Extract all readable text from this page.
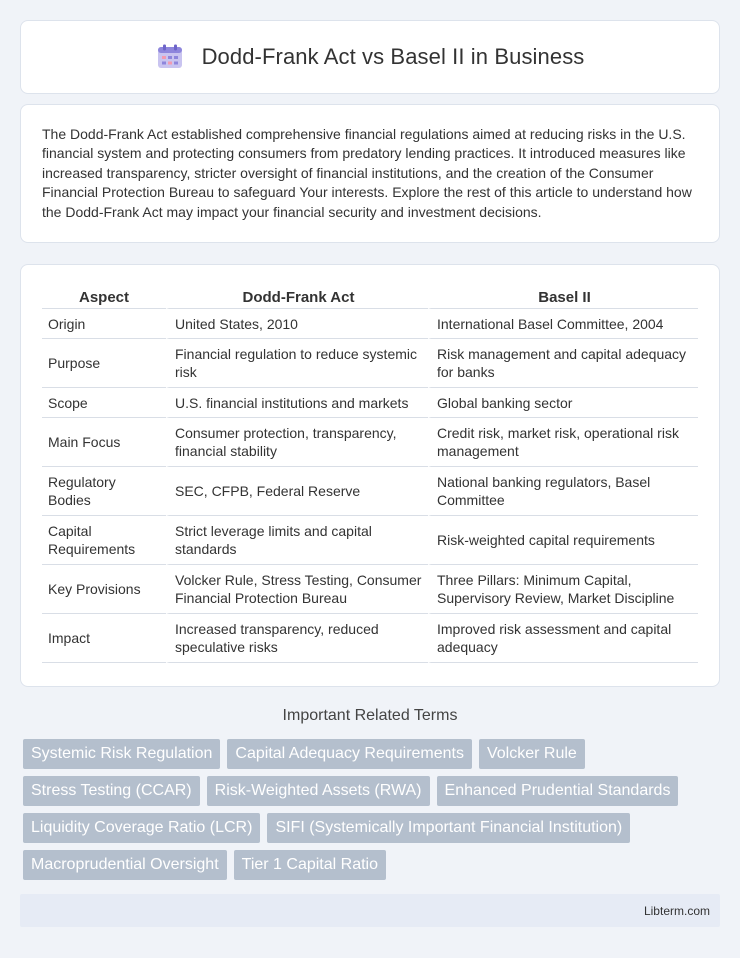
Dodd-Frank Act vs Basel II in Business

The Dodd-Frank Act established comprehensive financial regulations aimed at reducing risks in the U.S. financial system and protecting consumers from predatory lending practices. It introduced measures like increased transparency, stricter oversight of financial institutions, and the creation of the Consumer Financial Protection Bureau to safeguard Your interests. Explore the rest of this article to understand how the Dodd-Frank Act may impact your financial security and investment decisions.

Aspect	Dodd-Frank Act	Basel II
Origin	United States, 2010	International Basel Committee, 2004
Purpose	Financial regulation to reduce systemic risk	Risk management and capital adequacy for banks
Scope	U.S. financial institutions and markets	Global banking sector
Main Focus	Consumer protection, transparency, financial stability	Credit risk, market risk, operational risk management
Regulatory Bodies	SEC, CFPB, Federal Reserve	National banking regulators, Basel Committee
Capital Requirements	Strict leverage limits and capital standards	Risk-weighted capital requirements
Key Provisions	Volcker Rule, Stress Testing, Consumer Financial Protection Bureau	Three Pillars: Minimum Capital, Supervisory Review, Market Discipline
Impact	Increased transparency, reduced speculative risks	Improved risk assessment and capital adequacy
Important Related Terms
Systemic Risk Regulation	Capital Adequacy Requirements	Volcker Rule
Stress Testing (CCAR)	Risk-Weighted Assets (RWA)	Enhanced Prudential Standards
Liquidity Coverage Ratio (LCR)	SIFI (Systemically Important Financial Institution)
Macroprudential Oversight	Tier 1 Capital Ratio
Libterm.com
